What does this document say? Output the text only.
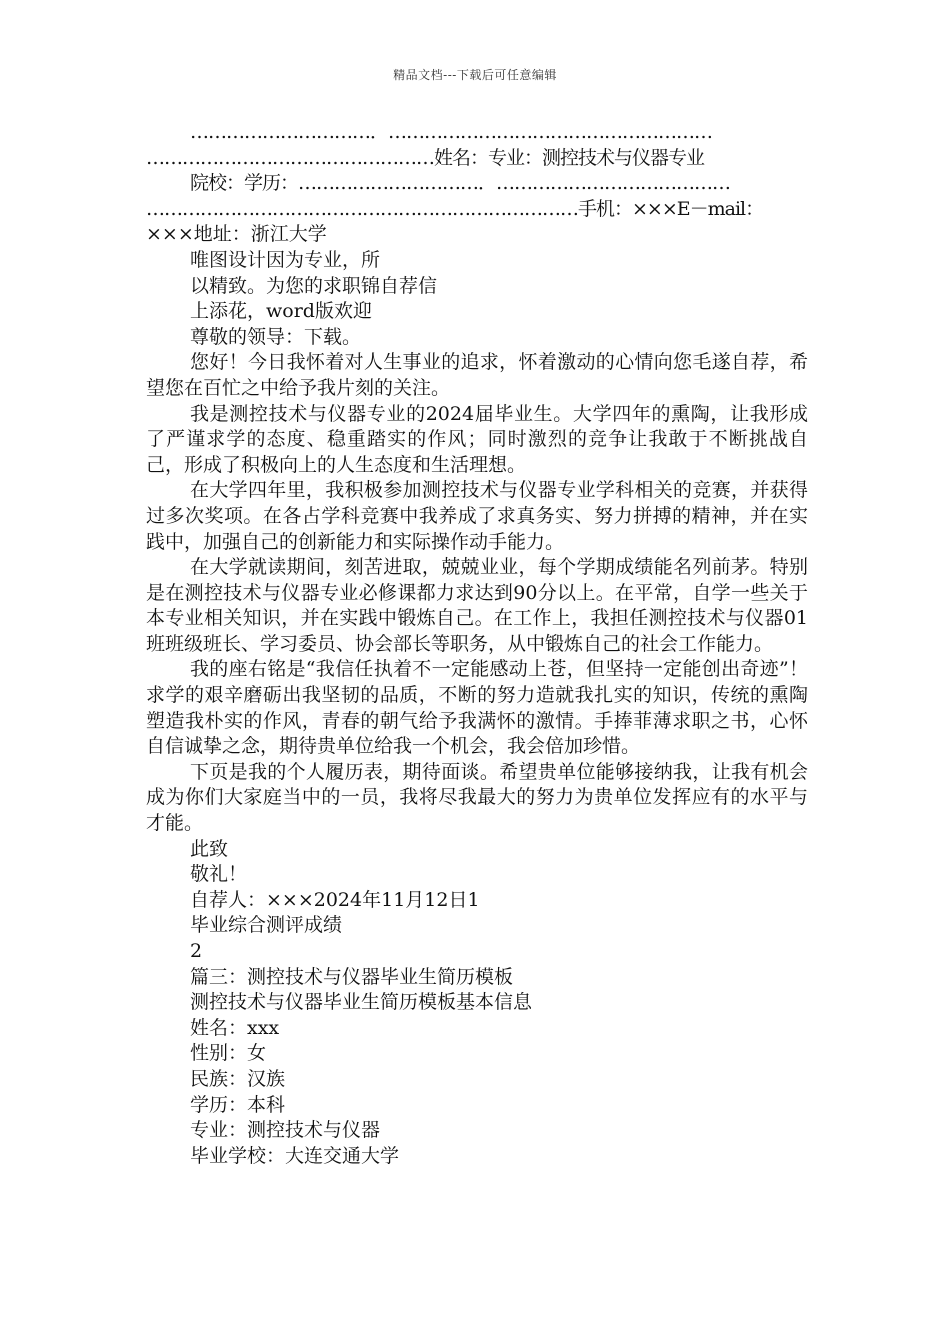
精品文档---下载后可任意编辑
…………………………．………………………………………………
…………………………………………姓名：专业：测控技术与仪器专业
院校：学历：…………………………．…………………………………
………………………………………………………………手机：×××E－mail：
×××地址：浙江大学
唯图设计因为专业，所
以精致。为您的求职锦自荐信
上添花，word版欢迎
尊敬的领导：下载。
您好！今日我怀着对人生事业的追求，怀着激动的心情向您毛遂自荐，希望您在百忙之中给予我片刻的关注。
我是测控技术与仪器专业的2024届毕业生。大学四年的熏陶，让我形成了严谨求学的态度、稳重踏实的作风；同时激烈的竞争让我敢于不断挑战自己，形成了积极向上的人生态度和生活理想。
在大学四年里，我积极参加测控技术与仪器专业学科相关的竞赛，并获得过多次奖项。在各占学科竞赛中我养成了求真务实、努力拼搏的精神，并在实践中，加强自己的创新能力和实际操作动手能力。
在大学就读期间，刻苦进取，兢兢业业，每个学期成绩能名列前茅。特别是在测控技术与仪器专业必修课都力求达到90分以上。在平常，自学一些关于本专业相关知识，并在实践中锻炼自己。在工作上，我担任测控技术与仪器01班班级班长、学习委员、协会部长等职务，从中锻炼自己的社会工作能力。
我的座右铭是“我信任执着不一定能感动上苍，但坚持一定能创出奇迹”！求学的艰辛磨砺出我坚韧的品质，不断的努力造就我扎实的知识，传统的熏陶塑造我朴实的作风，青春的朝气给予我满怀的激情。手捧菲薄求职之书，心怀自信诚挚之念，期待贵单位给我一个机会，我会倍加珍惜。
下页是我的个人履历表，期待面谈。希望贵单位能够接纳我，让我有机会成为你们大家庭当中的一员，我将尽我最大的努力为贵单位发挥应有的水平与才能。
此致
敬礼！
自荐人：×××2024年11月12日1
毕业综合测评成绩
2
篇三：测控技术与仪器毕业生简历模板
测控技术与仪器毕业生简历模板基本信息
姓名：xxx
性别：女
民族：汉族
学历：本科
专业：测控技术与仪器
毕业学校：大连交通大学
